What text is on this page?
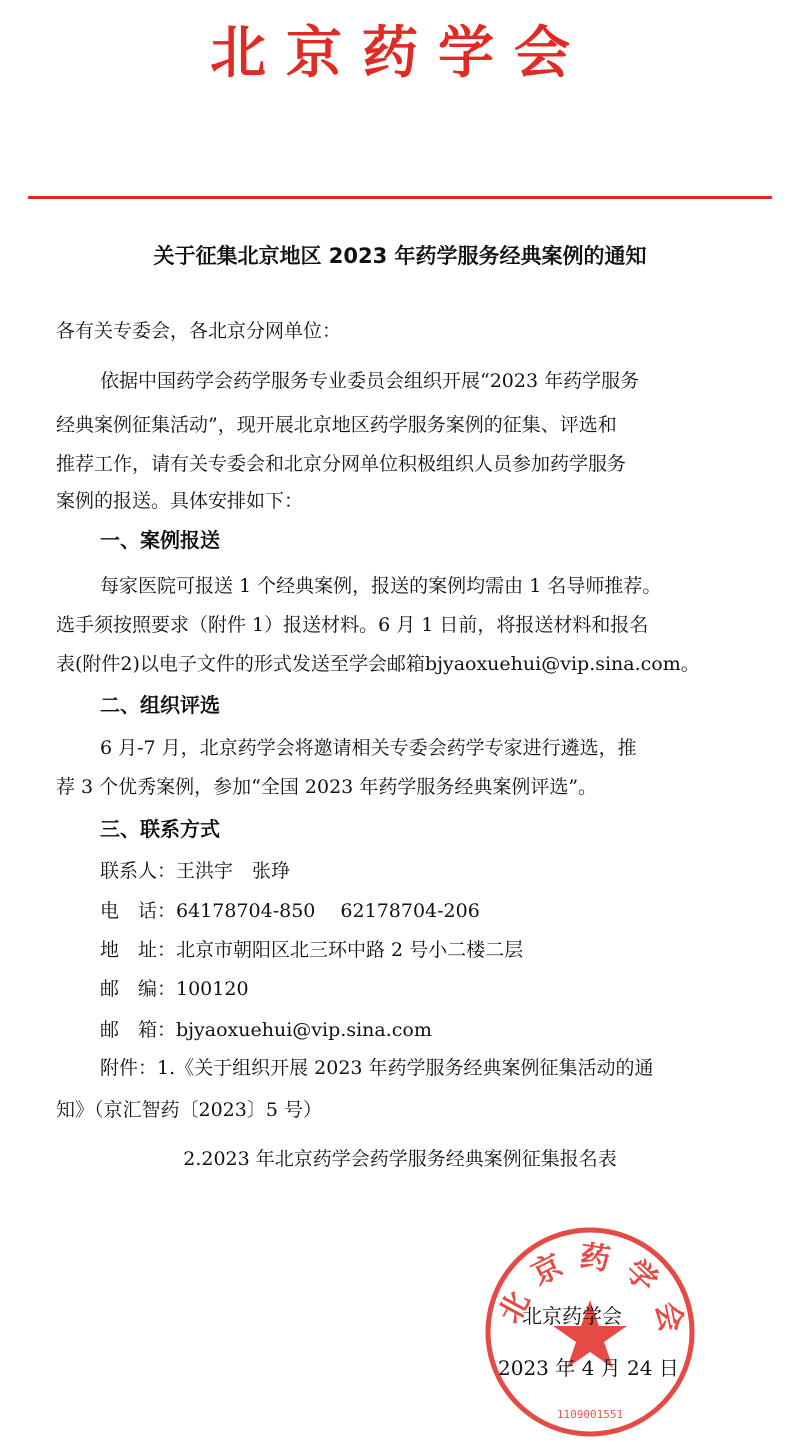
北京药学会
关于征集北京地区 2023 年药学服务经典案例的通知
各有关专委会，各北京分网单位：
依据中国药学会药学服务专业委员会组织开展“2023 年药学服务
经典案例征集活动”，现开展北京地区药学服务案例的征集、评选和
推荐工作，请有关专委会和北京分网单位积极组织人员参加药学服务
案例的报送。具体安排如下：
一、案例报送
每家医院可报送 1 个经典案例，报送的案例均需由 1 名导师推荐。
选手须按照要求（附件 1）报送材料。6 月 1 日前，将报送材料和报名
表(附件2)以电子文件的形式发送至学会邮箱bjyaoxuehui@vip.sina.com。
二、组织评选
6 月-7 月，北京药学会将邀请相关专委会药学专家进行遴选，推
荐 3 个优秀案例，参加“全国 2023 年药学服务经典案例评选”。
三、联系方式
联系人：王洪宇　张琤
电　话：64178704-850　 62178704-206
地　址：北京市朝阳区北三环中路 2 号小二楼二层
邮　编：100120
邮　箱：bjyaoxuehui@vip.sina.com
附件：1.《关于组织开展 2023 年药学服务经典案例征集活动的通
知》（京汇智药〔2023〕5 号）
2.2023 年北京药学会药学服务经典案例征集报名表
北京药学会
1109001551
北京药学会
2023 年 4 月 24 日
